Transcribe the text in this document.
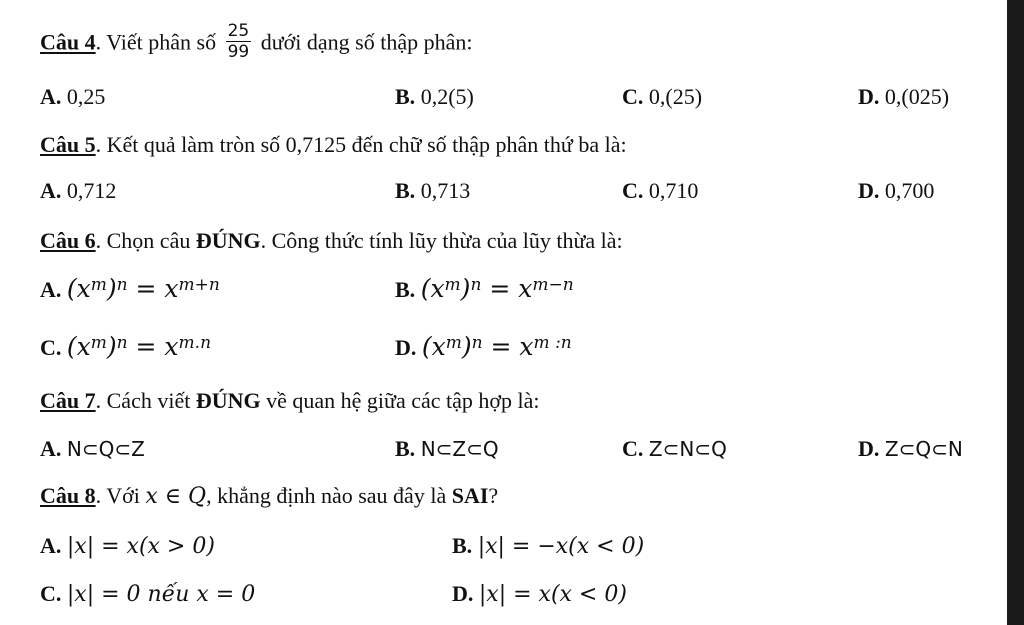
Câu 4. Viết phân số $\frac{25}{99}$ dưới dạng số thập phân:
A. 0,25	B. 0,2(5)	C. 0,(25)	D. 0,(025)
Câu 5. Kết quả làm tròn số 0,7125 đến chữ số thập phân thứ ba là:
A. 0,712	B. 0,713	C. 0,710	D. 0,700
Câu 6. Chọn câu ĐÚNG. Công thức tính lũy thừa của lũy thừa là:
A. $(x^m)^n = x^{m+n}$	B. $(x^m)^n = x^{m-n}$
C. $(x^m)^n = x^{m.n}$	D. $(x^m)^n = x^{m :n}$
Câu 7. Cách viết ĐÚNG về quan hệ giữa các tập hợp là:
A. N⊂Q⊂Z	B. N⊂Z⊂Q	C. Z⊂N⊂Q	D. Z⊂Q⊂N
Câu 8. Với x ∈ Q, khẳng định nào sau đây là SAI?
A. |x| = x(x > 0)	B. |x| = −x(x < 0)
C. |x| = 0 nếu x = 0	D. |x| = x(x < 0)
